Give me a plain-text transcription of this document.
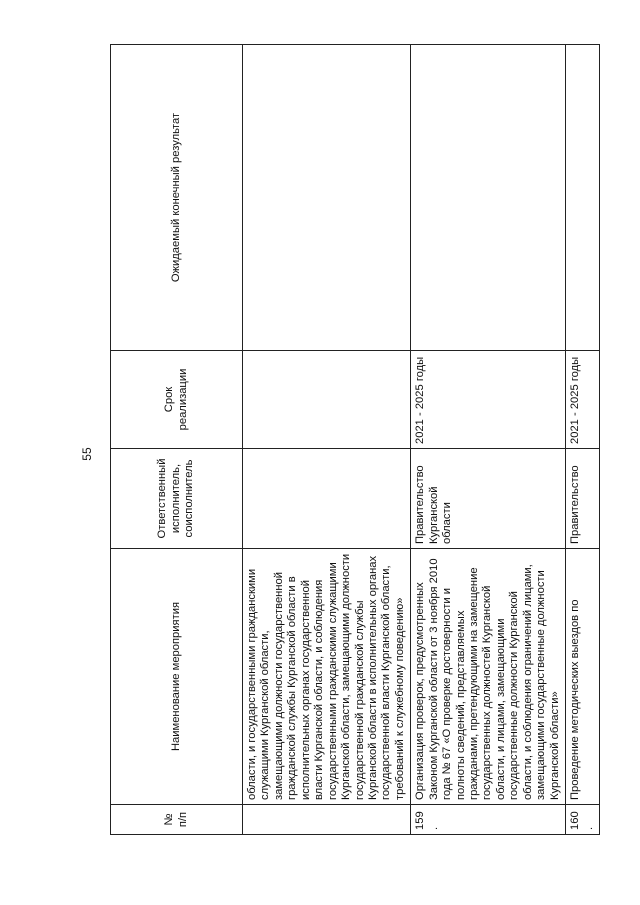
55
№ п/п	Наименование мероприятия	Ответственный исполнитель, соисполнитель	Срок реализации	Ожидаемый конечный результат
	области, и государственными гражданскими служащими Курганской области, замещающими должности государственной гражданской службы Курганской области в исполнительных органах государственной власти Курганской области, и соблюдения государственными гражданскими служащими Курганской области, замещающими должности государственной гражданской службы Курганской области в исполнительных органах государственной власти Курганской области, требований к служебному поведению»			
159.	Организация проверок, предусмотренных Законом Курганской области от 3 ноября 2010 года № 67 «О проверке достоверности и полноты сведений, представляемых гражданами, претендующими на замещение государственных должностей Курганской области, и лицами, замещающими государственные должности Курганской области, и соблюдения ограничений лицами, замещающими государственные должности Курганской области»	Правительство Курганской области	2021 - 2025 годы	
160.	Проведение методических выездов по	Правительство	2021 - 2025 годы	
